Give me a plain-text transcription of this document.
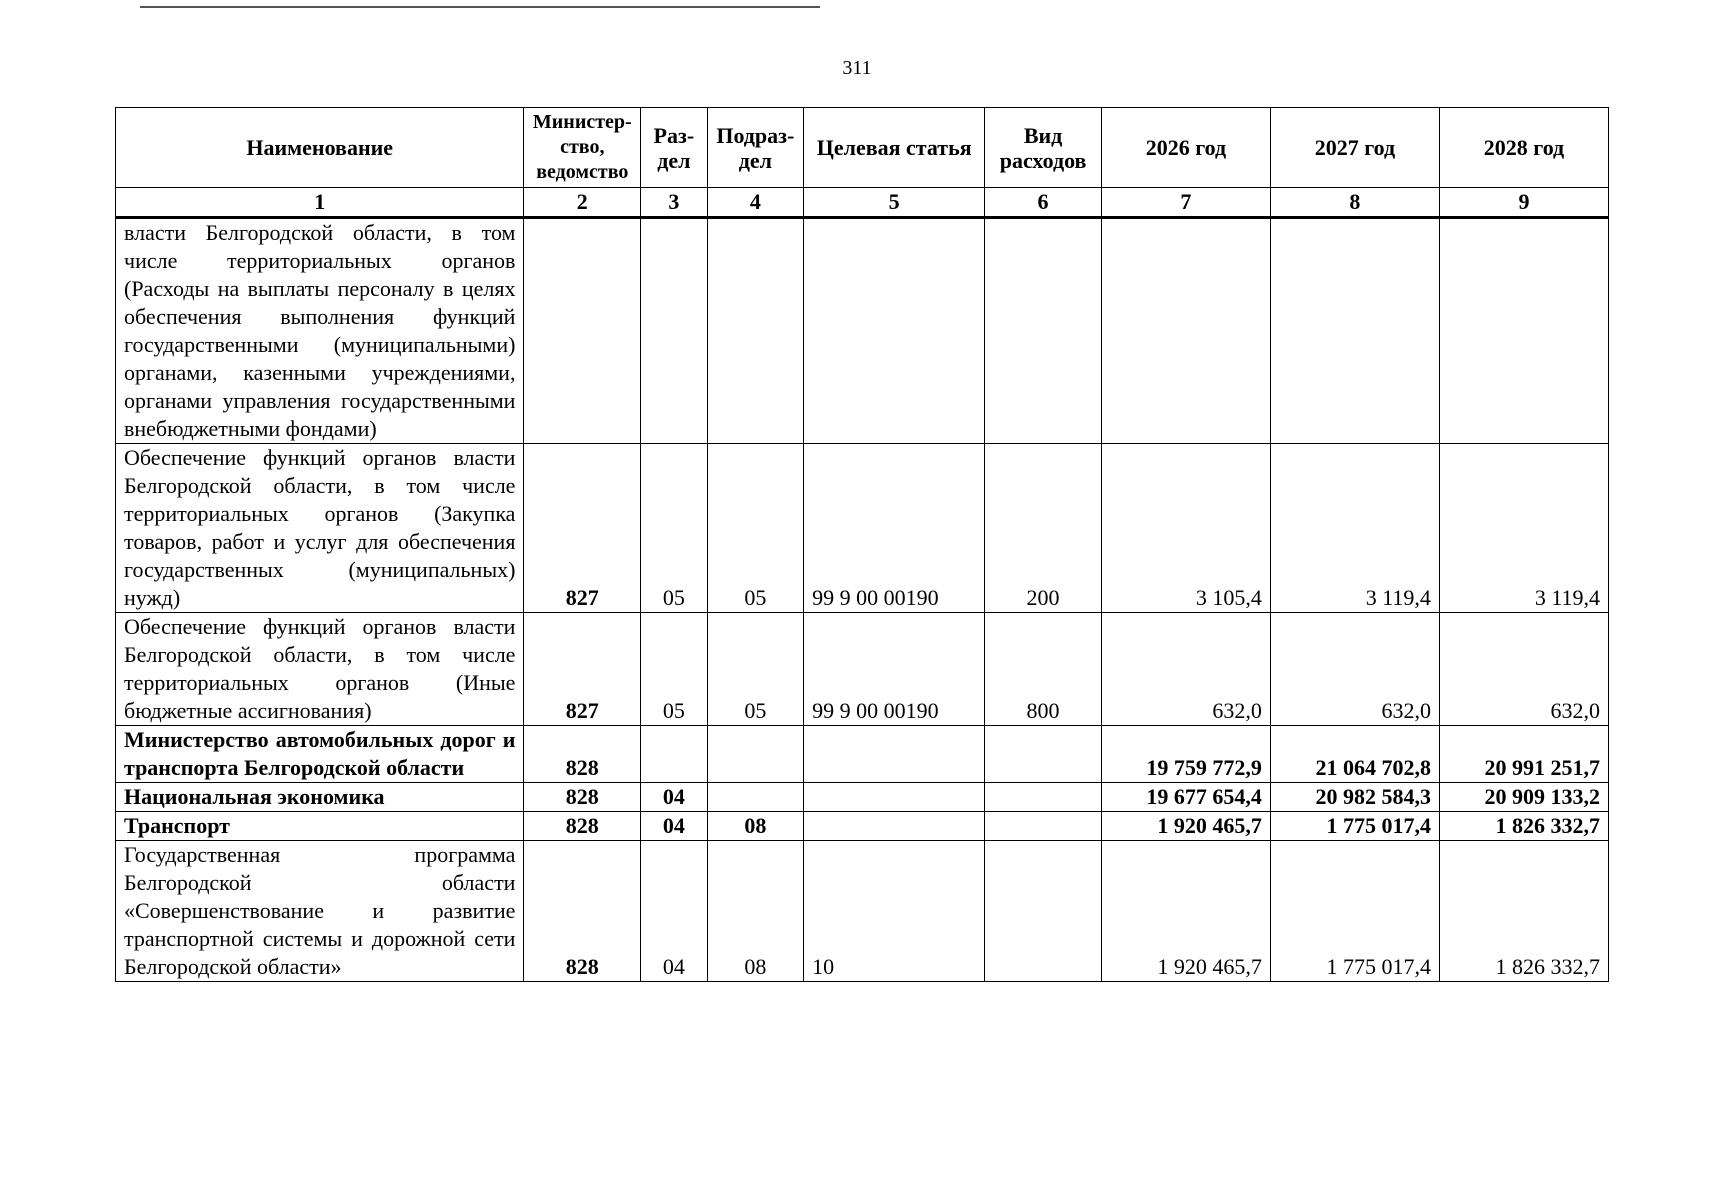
311
Наименование	Министер-ство, ведомство	Раз-дел	Подраз-дел	Целевая статья	Вид расходов	2026 год	2027 год	2028 год
1	2	3	4	5	6	7	8	9
власти Белгородской области, в том числе территориальных органов (Расходы на выплаты персоналу в целях обеспечения выполнения функций государственными (муниципальными) органами, казенными учреждениями, органами управления государственными внебюджетными фондами)								
Обеспечение функций органов власти Белгородской области, в том числе территориальных органов (Закупка товаров, работ и услуг для обеспечения государственных (муниципальных) нужд)	827	05	05	99 9 00 00190	200	3 105,4	3 119,4	3 119,4
Обеспечение функций органов власти Белгородской области, в том числе территориальных органов (Иные бюджетные ассигнования)	827	05	05	99 9 00 00190	800	632,0	632,0	632,0
Министерство автомобильных дорог и транспорта Белгородской области	828					19 759 772,9	21 064 702,8	20 991 251,7
Национальная экономика	828	04				19 677 654,4	20 982 584,3	20 909 133,2
Транспорт	828	04	08			1 920 465,7	1 775 017,4	1 826 332,7
Государственная программа Белгородской области «Совершенствование и развитие транспортной системы и дорожной сети Белгородской области»	828	04	08	10		1 920 465,7	1 775 017,4	1 826 332,7
